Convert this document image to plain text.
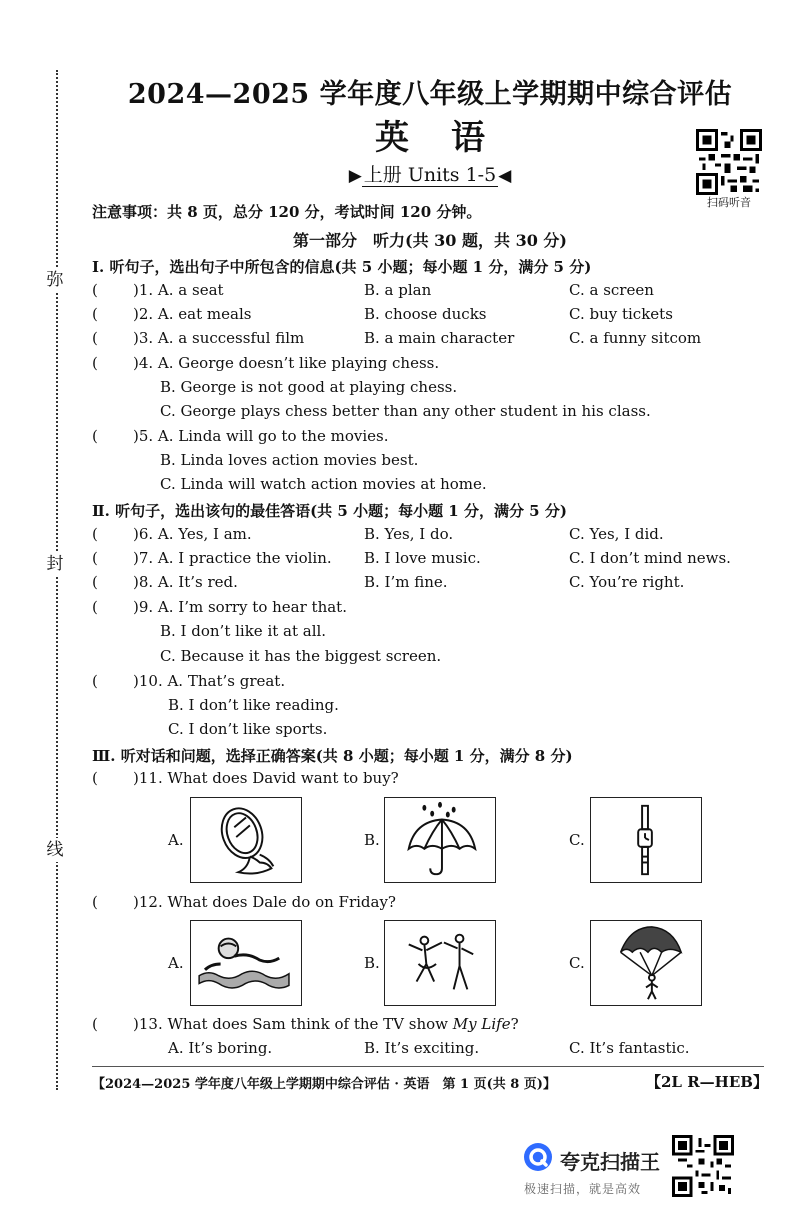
弥
封
线
2024—2025 学年度八年级上学期期中综合评估
英语
▶ 上册 Units 1-5 ◀
扫码听音
注意事项：共 8 页，总分 120 分，考试时间 120 分钟。
第一部分　听力(共 30 题，共 30 分)
Ⅰ. 听句子，选出句子中所包含的信息(共 5 小题；每小题 1 分，满分 5 分)
( )1. A. a seat	B. a plan	C. a screen
( )2. A. eat meals	B. choose ducks	C. buy tickets
( )3. A. a successful film	B. a main character	C. a funny sitcom
( )4. A. George doesn’t like playing chess.
B. George is not good at playing chess.
C. George plays chess better than any other student in his class.
( )5. A. Linda will go to the movies.
B. Linda loves action movies best.
C. Linda will watch action movies at home.
Ⅱ. 听句子，选出该句的最佳答语(共 5 小题；每小题 1 分，满分 5 分)
( )6. A. Yes, I am.	B. Yes, I do.	C. Yes, I did.
( )7. A. I practice the violin. B. I love music.	C. I don’t mind news.
( )8. A. It’s red.	B. I’m fine.	C. You’re right.
( )9. A. I’m sorry to hear that.
B. I don’t like it at all.
C. Because it has the biggest screen.
( )10. A. That’s great.
B. I don’t like reading.
C. I don’t like sports.
Ⅲ. 听对话和问题，选择正确答案(共 8 小题；每小题 1 分，满分 8 分)
( )11. What does David want to buy?
A.	B.	C.
( )12. What does Dale do on Friday?
A.	B.	C.
( )13. What does Sam think of the TV show My Life?
A. It’s boring.	B. It’s exciting.	C. It’s fantastic.
【2024—2025 学年度八年级上学期期中综合评估 · 英语　第 1 页(共 8 页)】	【2L R—HEB】
夸克扫描王
极速扫描，就是高效
